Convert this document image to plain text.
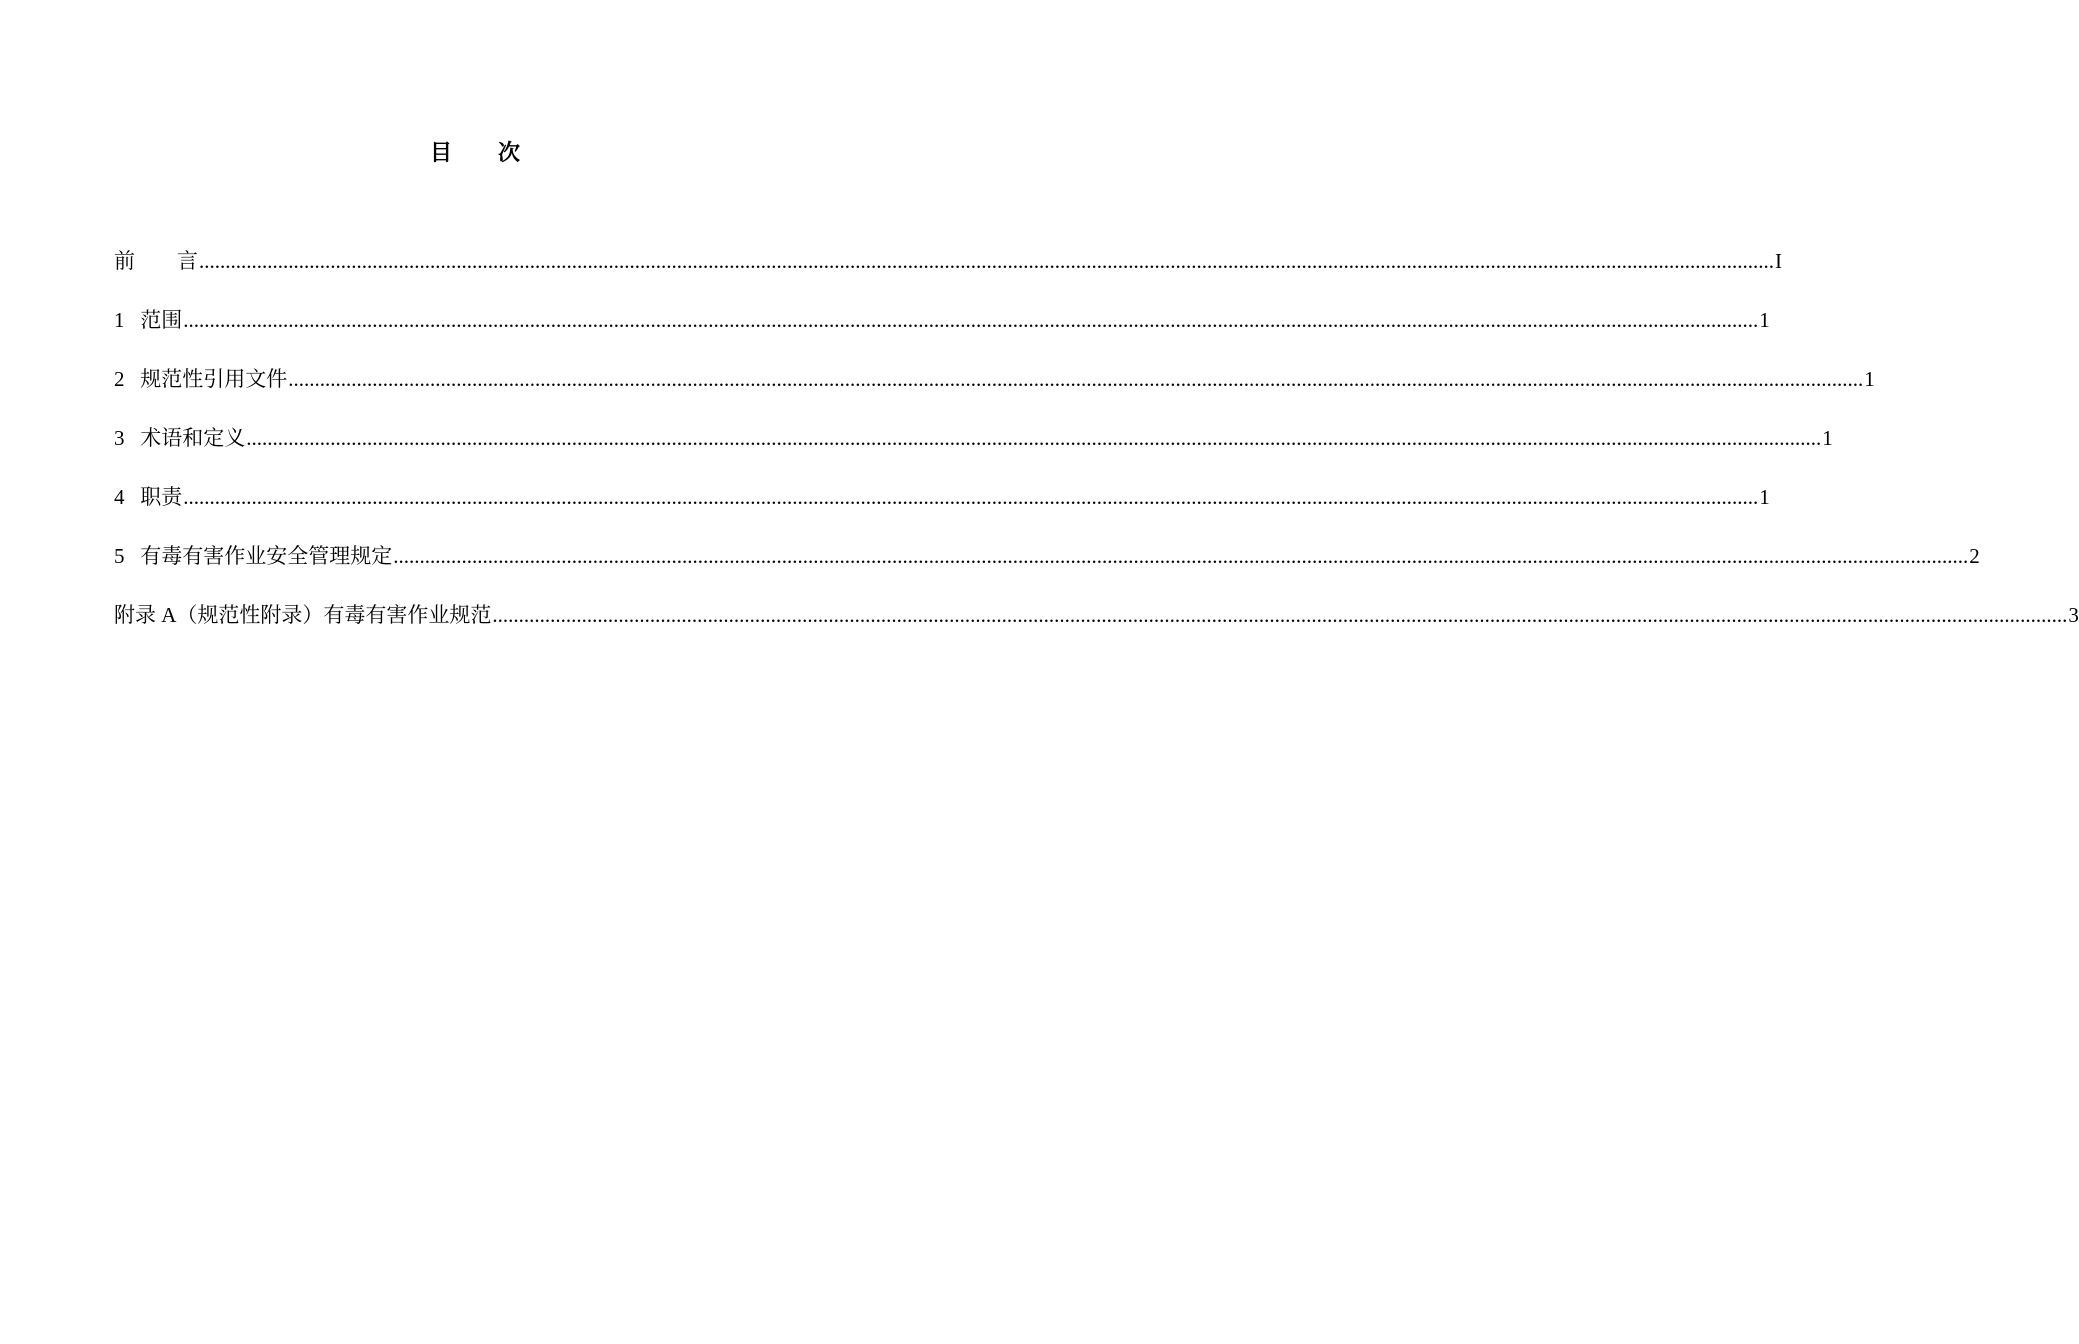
目      次
前        言 ............................................................................................................................................................................................................................................................................................................ I
1   范围 ............................................................................................................................................................................................................................................................................................................ 1
2   规范性引用文件 ............................................................................................................................................................................................................................................................................................................ 1
3   术语和定义 ............................................................................................................................................................................................................................................................................................................ 1
4   职责 ............................................................................................................................................................................................................................................................................................................ 1
5   有毒有害作业安全管理规定 ............................................................................................................................................................................................................................................................................................................ 2
附录 A（规范性附录）有毒有害作业规范 ............................................................................................................................................................................................................................................................................................................ 3
